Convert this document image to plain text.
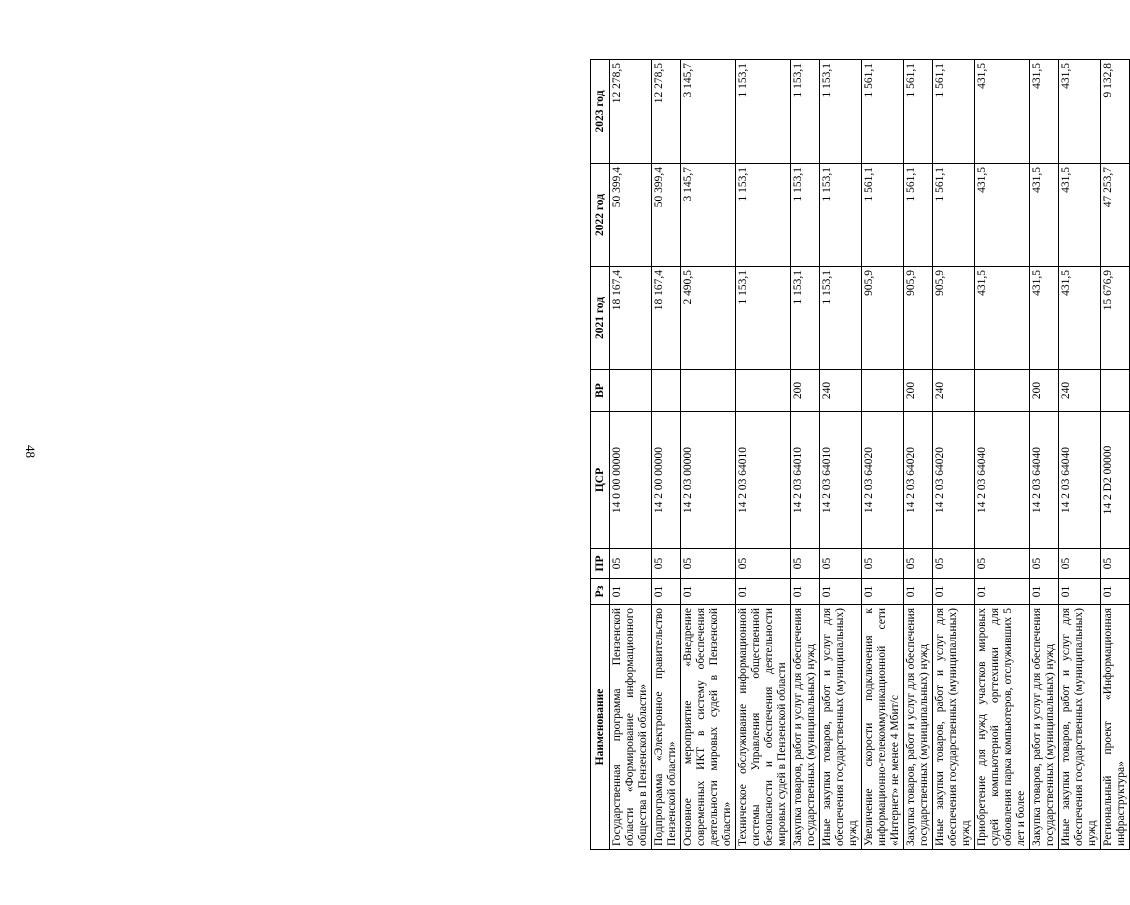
48
Наименование	Рз	ПР	ЦСР	ВР	2021 год	2022 год	2023 год
Государственная программа Пензенской области «Формирование информационного общества в Пензенской области»	01	05	14 0 00 00000		18 167,4	50 399,4	12 278,5
Подпрограмма «Электронное правительство Пензенской области»	01	05	14 2 00 00000		18 167,4	50 399,4	12 278,5
Основное мероприятие «Внедрение современных ИКТ в систему обеспечения деятельности мировых судей в Пензенской области»	01	05	14 2 03 00000		2 490,5	3 145,7	3 145,7
Техническое обслуживание информационной системы Управления общественной безопасности и обеспечения деятельности мировых судей в Пензенской области	01	05	14 2 03 64010		1 153,1	1 153,1	1 153,1
Закупка товаров, работ и услуг для обеспечения государственных (муниципальных) нужд	01	05	14 2 03 64010	200	1 153,1	1 153,1	1 153,1
Иные закупки товаров, работ и услуг для обеспечения государственных (муниципальных) нужд	01	05	14 2 03 64010	240	1 153,1	1 153,1	1 153,1
Увеличение скорости подключения к информационно-телекоммуникационной сети «Интернет» не менее 4 Мбит/с	01	05	14 2 03 64020		905,9	1 561,1	1 561,1
Закупка товаров, работ и услуг для обеспечения государственных (муниципальных) нужд	01	05	14 2 03 64020	200	905,9	1 561,1	1 561,1
Иные закупки товаров, работ и услуг для обеспечения государственных (муниципальных) нужд	01	05	14 2 03 64020	240	905,9	1 561,1	1 561,1
Приобретение для нужд участков мировых судей компьютерной оргтехники для обновления парка компьютеров, отслуживших 5 лет и более	01	05	14 2 03 64040		431,5	431,5	431,5
Закупка товаров, работ и услуг для обеспечения государственных (муниципальных) нужд	01	05	14 2 03 64040	200	431,5	431,5	431,5
Иные закупки товаров, работ и услуг для обеспечения государственных (муниципальных) нужд	01	05	14 2 03 64040	240	431,5	431,5	431,5
Региональный проект «Информационная инфраструктура»	01	05	14 2 D2 00000		15 676,9	47 253,7	9 132,8
